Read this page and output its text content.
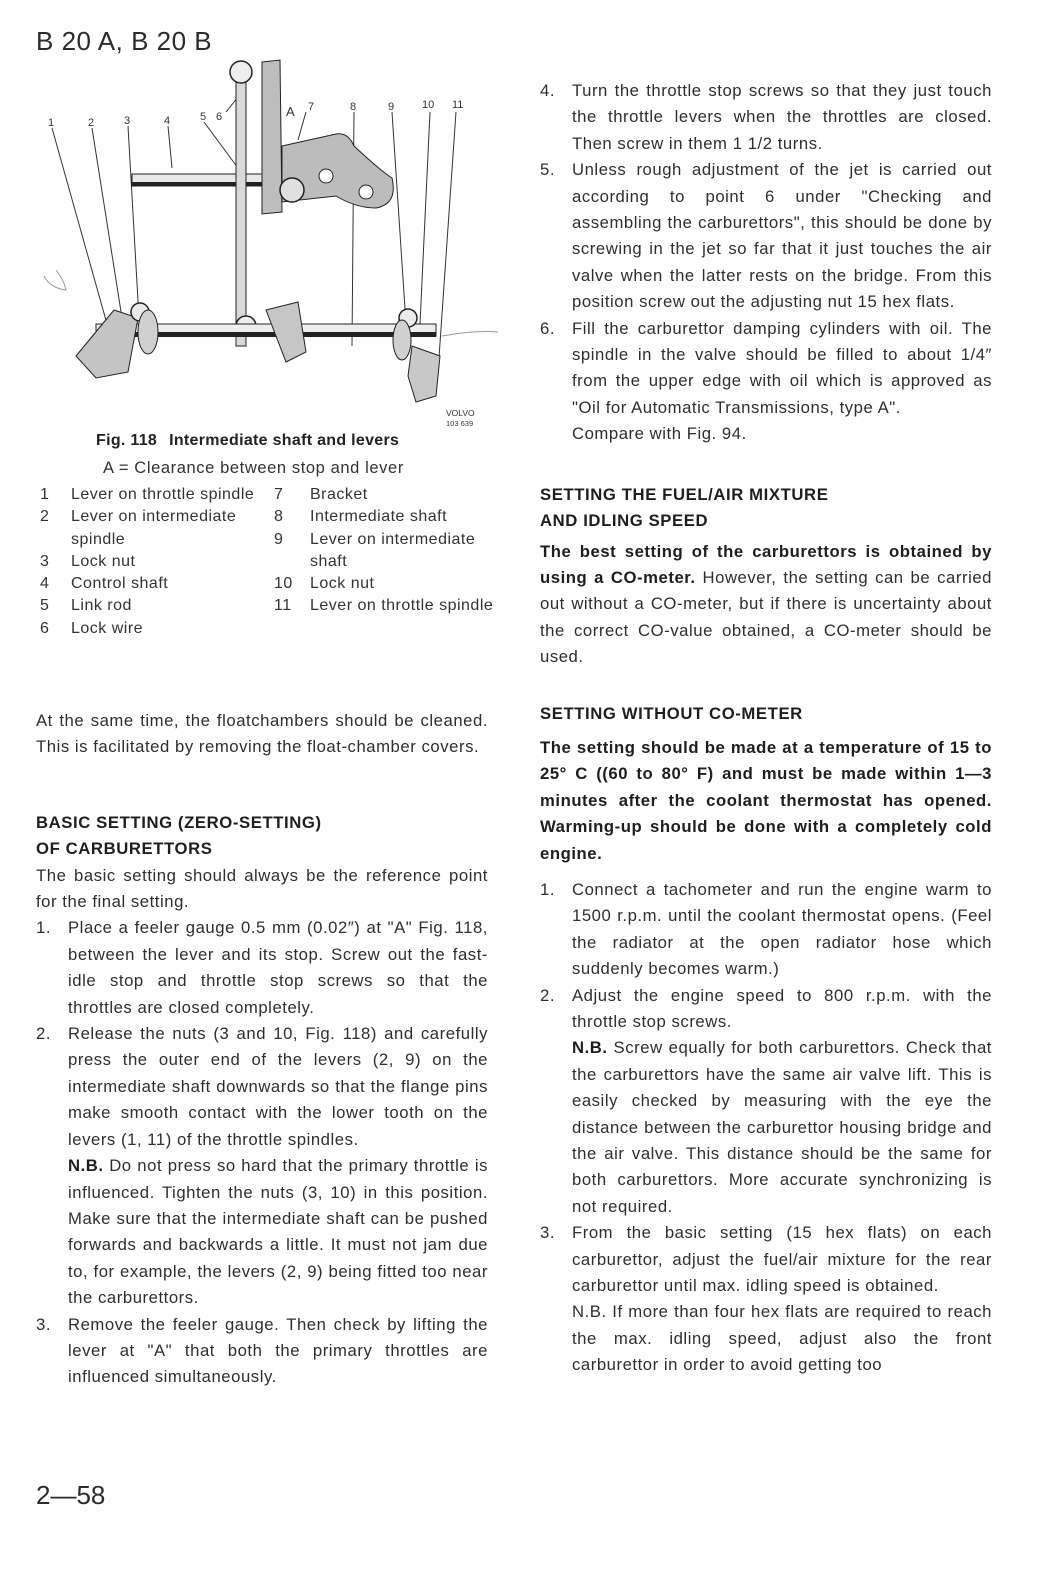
B 20 A, B 20 B
1	2	3	4	5 6
7	8	9	10 11
A
VOLVO
103 639
Fig. 118 Intermediate shaft and levers
A = Clearance between stop and lever
1	Lever on throttle spindle
2	Lever on intermediate spindle
3	Lock nut
4	Control shaft
5	Link rod
6	Lock wire
7	Bracket
8	Intermediate shaft
9	Lever on intermediate shaft
10	Lock nut
11	Lever on throttle spindle

At the same time, the floatchambers should be cleaned. This is facilitated by removing the float-chamber covers.

BASIC SETTING (ZERO-SETTING)

OF CARBURETTORS

The basic setting should always be the reference point for the final setting.

1.	Place a feeler gauge 0.5 mm (0.02″) at "A" Fig. 118, between the lever and its stop. Screw out the fast-idle stop and throttle stop screws so that the throttles are closed completely.
2.	Release the nuts (3 and 10, Fig. 118) and carefully press the outer end of the levers (2, 9) on the intermediate shaft downwards so that the flange pins make smooth contact with the lower tooth on the levers (1, 11) of the throttle spindles.
N.B. Do not press so hard that the primary throttle is influenced. Tighten the nuts (3, 10) in this position. Make sure that the intermediate shaft can be pushed forwards and backwards a little. It must not jam due to, for example, the levers (2, 9) being fitted too near the carburettors.
3.	Remove the feeler gauge. Then check by lifting the lever at "A" that both the primary throttles are influenced simultaneously.
4.	Turn the throttle stop screws so that they just touch the throttle levers when the throttles are closed. Then screw in them 1 1/2 turns.
5.	Unless rough adjustment of the jet is carried out according to point 6 under "Checking and assembling the carburettors", this should be done by screwing in the jet so far that it just touches the air valve when the latter rests on the bridge. From this position screw out the adjusting nut 15 hex flats.
6.	Fill the carburettor damping cylinders with oil. The spindle in the valve should be filled to about 1/4″ from the upper edge with oil which is approved as "Oil for Automatic Transmissions, type A".
Compare with Fig. 94.

SETTING THE FUEL/AIR MIXTURE

AND IDLING SPEED

The best setting of the carburettors is obtained by using a CO-meter. However, the setting can be carried out without a CO-meter, but if there is uncertainty about the correct CO-value obtained, a CO-meter should be used.

SETTING WITHOUT CO-METER

The setting should be made at a temperature of 15 to 25° C ((60 to 80° F) and must be made within 1—3 minutes after the coolant thermostat has opened. Warming-up should be done with a completely cold engine.

1.	Connect a tachometer and run the engine warm to 1500 r.p.m. until the coolant thermostat opens. (Feel the radiator at the open radiator hose which suddenly becomes warm.)
2.	Adjust the engine speed to 800 r.p.m. with the throttle stop screws.
N.B. Screw equally for both carburettors. Check that the carburettors have the same air valve lift. This is easily checked by measuring with the eye the distance between the carburettor housing bridge and the air valve. This distance should be the same for both carburettors. More accurate synchronizing is not required.
3.	From the basic setting (15 hex flats) on each carburettor, adjust the fuel/air mixture for the rear carburettor until max. idling speed is obtained.
N.B. If more than four hex flats are required to reach the max. idling speed, adjust also the front carburettor in order to avoid getting too
2—58
